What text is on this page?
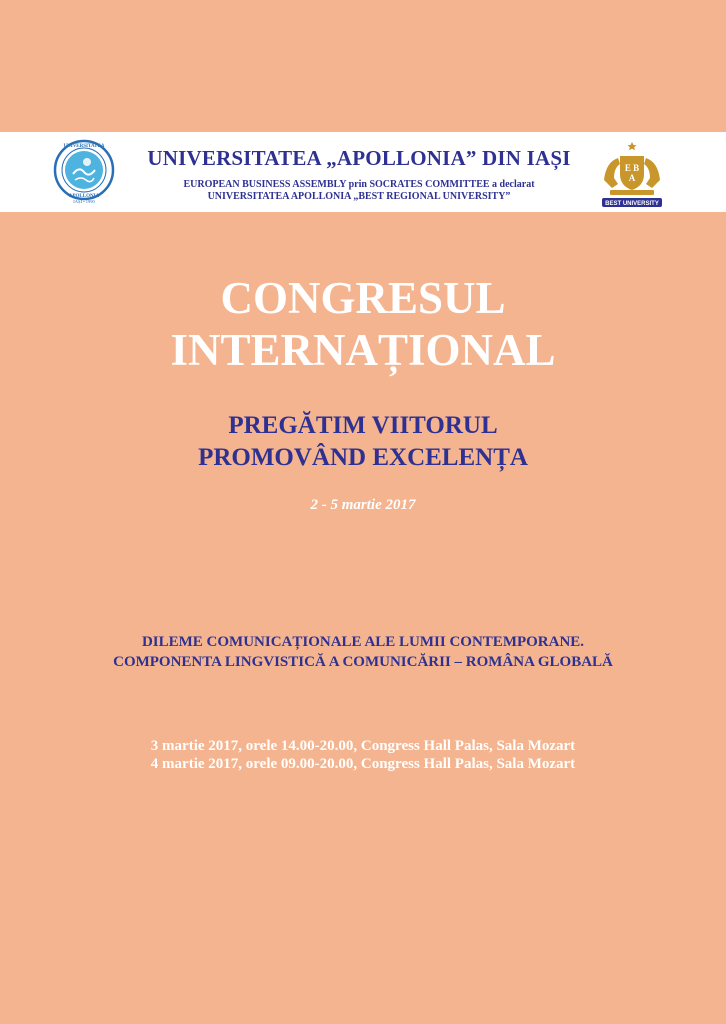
UNIVERSITATEA
APOLLONIA
IAȘI • 1990
UNIVERSITATEA „APOLLONIA” DIN IAȘI
EUROPEAN BUSINESS ASSEMBLY prin SOCRATES COMMITTEE a declarat
UNIVERSITATEA APOLLONIA „BEST REGIONAL UNIVERSITY”
E B
A
BEST UNIVERSITY
CONGRESUL
INTERNAȚIONAL
PREGĂTIM VIITORUL
PROMOVÂND EXCELENȚA
2 - 5 martie 2017
DILEME COMUNICAȚIONALE ALE LUMII CONTEMPORANE.
COMPONENTA LINGVISTICĂ A COMUNICĂRII – ROMÂNA GLOBALĂ
3 martie 2017, orele 14.00-20.00, Congress Hall Palas, Sala Mozart
4 martie 2017, orele 09.00-20.00, Congress Hall Palas, Sala Mozart
